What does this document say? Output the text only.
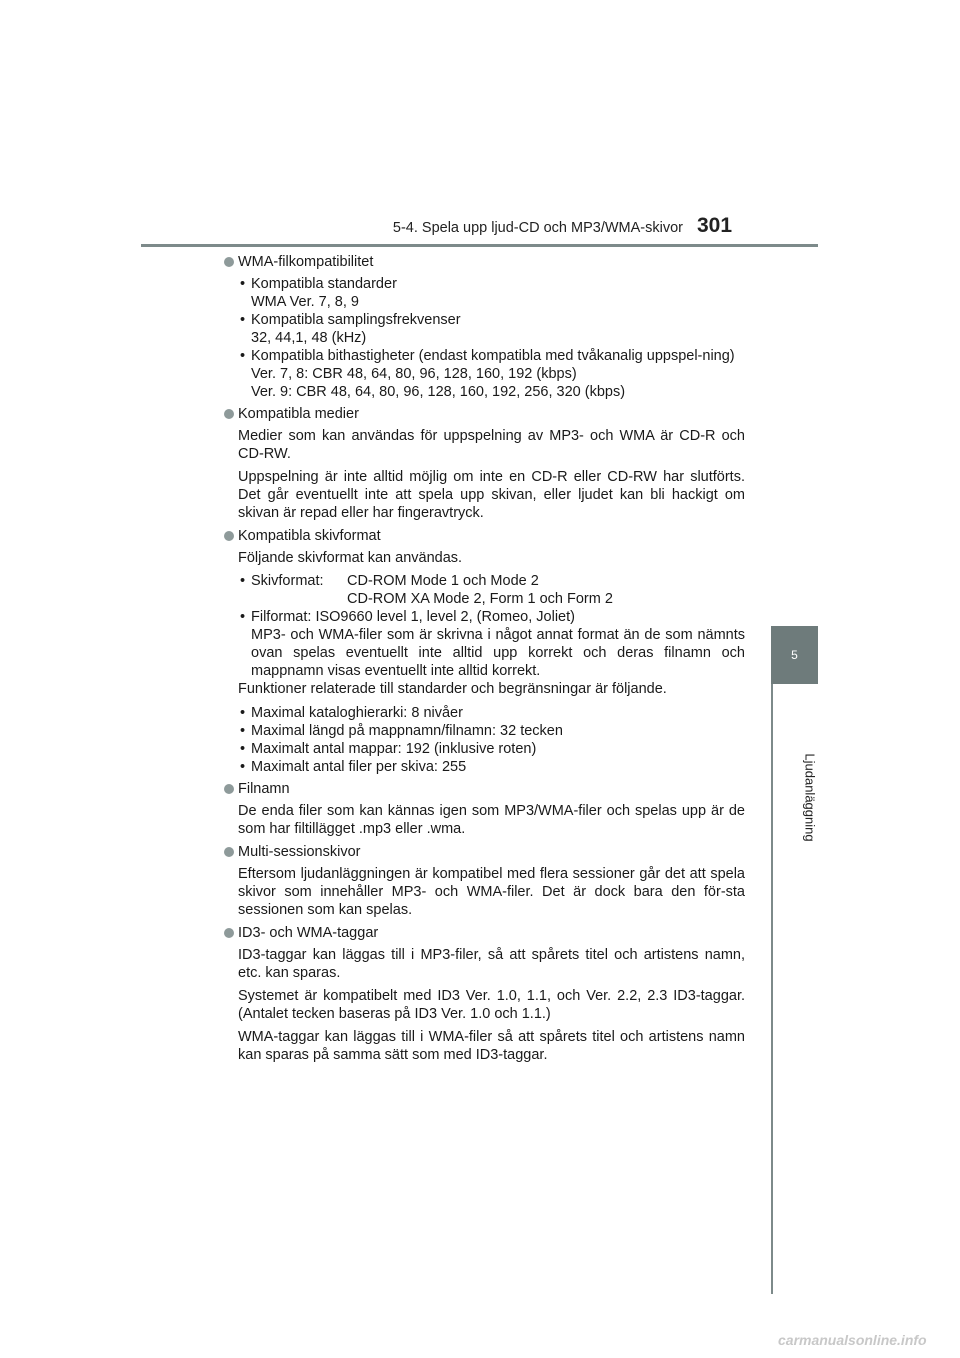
5-4. Spela upp ljud-CD och MP3/WMA-skivor 301
5
Ljudanläggning
WMA-filkompatibilitet
• Kompatibla standarder
WMA Ver. 7, 8, 9
• Kompatibla samplingsfrekvenser
32, 44,1, 48 (kHz)
• Kompatibla bithastigheter (endast kompatibla med tvåkanalig uppspel-ning)
Ver. 7, 8: CBR 48, 64, 80, 96, 128, 160, 192 (kbps)
Ver. 9: CBR 48, 64, 80, 96, 128, 160, 192, 256, 320 (kbps)
Kompatibla medier
Medier som kan användas för uppspelning av MP3- och WMA är CD-R och CD-RW.
Uppspelning är inte alltid möjlig om inte en CD-R eller CD-RW har slutförts. Det går eventuellt inte att spela upp skivan, eller ljudet kan bli hackigt om skivan är repad eller har fingeravtryck.
Kompatibla skivformat
Följande skivformat kan användas.
• Skivformat:	CD-ROM Mode 1 och Mode 2
CD-ROM XA Mode 2, Form 1 och Form 2
• Filformat: ISO9660 level 1, level 2, (Romeo, Joliet)
MP3- och WMA-filer som är skrivna i något annat format än de som nämnts ovan spelas eventuellt inte alltid upp korrekt och deras filnamn och mappnamn visas eventuellt inte alltid korrekt.
Funktioner relaterade till standarder och begränsningar är följande.
• Maximal kataloghierarki: 8 nivåer
• Maximal längd på mappnamn/filnamn: 32 tecken
• Maximalt antal mappar: 192 (inklusive roten)
• Maximalt antal filer per skiva: 255
Filnamn
De enda filer som kan kännas igen som MP3/WMA-filer och spelas upp är de som har filtillägget .mp3 eller .wma.
Multi-sessionskivor
Eftersom ljudanläggningen är kompatibel med flera sessioner går det att spela skivor som innehåller MP3- och WMA-filer. Det är dock bara den för-sta sessionen som kan spelas.
ID3- och WMA-taggar
ID3-taggar kan läggas till i MP3-filer, så att spårets titel och artistens namn, etc. kan sparas.
Systemet är kompatibelt med ID3 Ver. 1.0, 1.1, och Ver. 2.2, 2.3 ID3-taggar. (Antalet tecken baseras på ID3 Ver. 1.0 och 1.1.)
WMA-taggar kan läggas till i WMA-filer så att spårets titel och artistens namn kan sparas på samma sätt som med ID3-taggar.
carmanualsonline.info
